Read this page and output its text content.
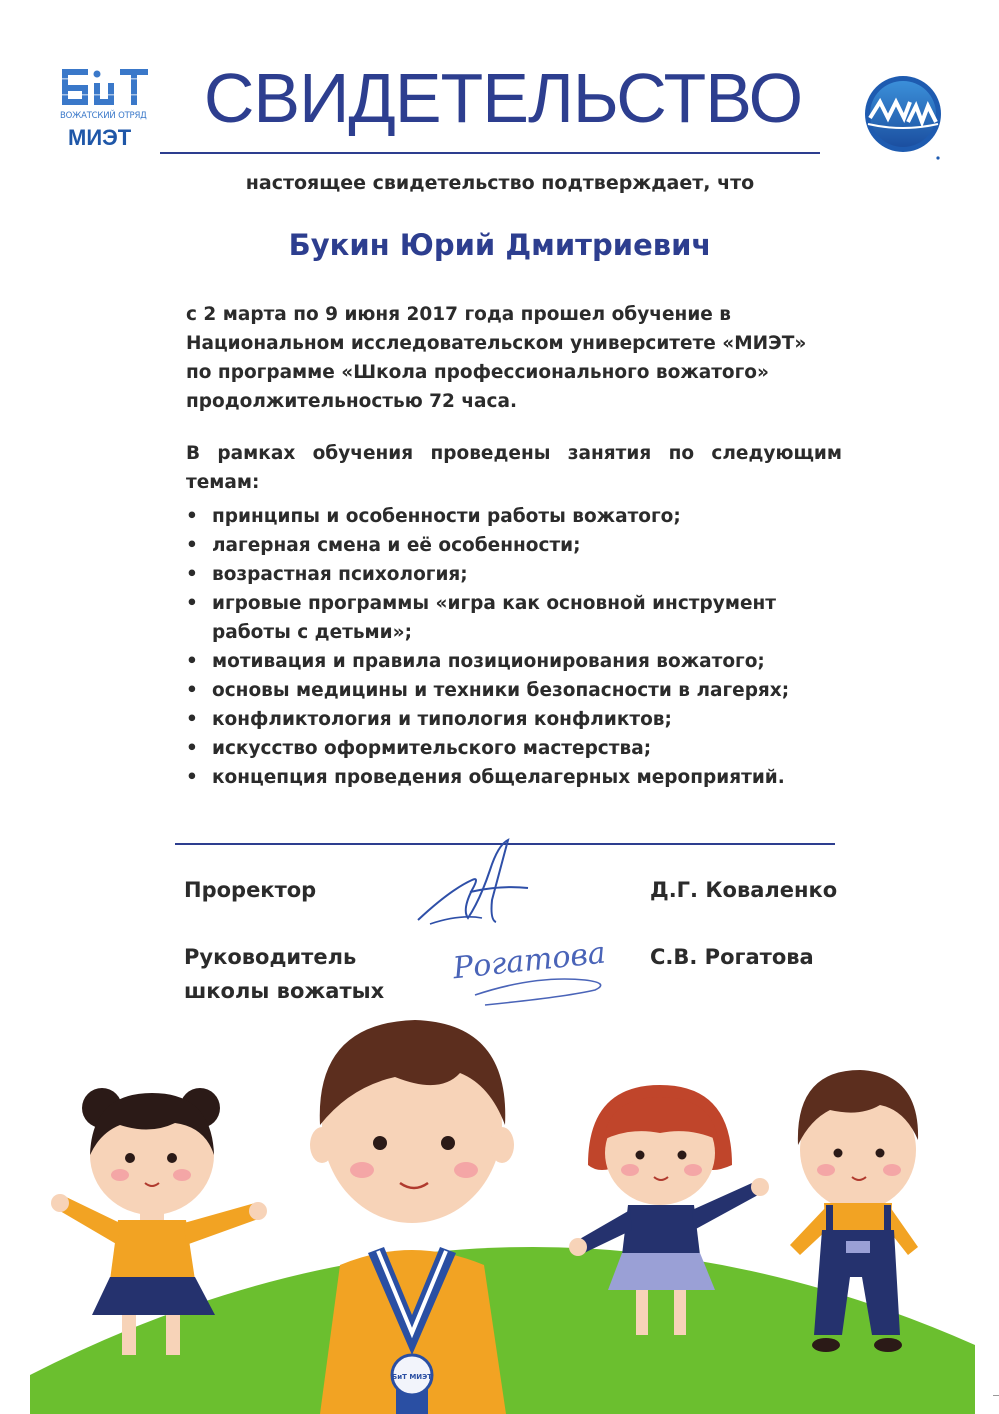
ВОЖАТСКИЙ ОТРЯД
МИЭТ
СВИДЕТЕЛЬСТВО
настоящее свидетельство подтверждает, что
Букин Юрий Дмитриевич

с 2 марта по 9 июня 2017 года прошел обучение в

Национальном исследовательском университете «МИЭТ»

по программе «Школа профессионального вожатого»

продолжительностью 72 часа.

В рамках обучения проведены занятия по следующим темам:

• принципы и особенности работы вожатого;
• лагерная смена и её особенности;
• возрастная психология;
• игровые программы «игра как основной инструмент работы с детьми»;
• мотивация и правила позиционирования вожатого;
• основы медицины и техники безопасности в лагерях;
• конфликтология и типология конфликтов;
• искусство оформительского мастерства;
• концепция проведения общелагерных мероприятий.
Проректор	Д.Г. Коваленко
Руководитель школы вожатых
С.В. Рогатова
Рогатова
БиТ МИЭТ
